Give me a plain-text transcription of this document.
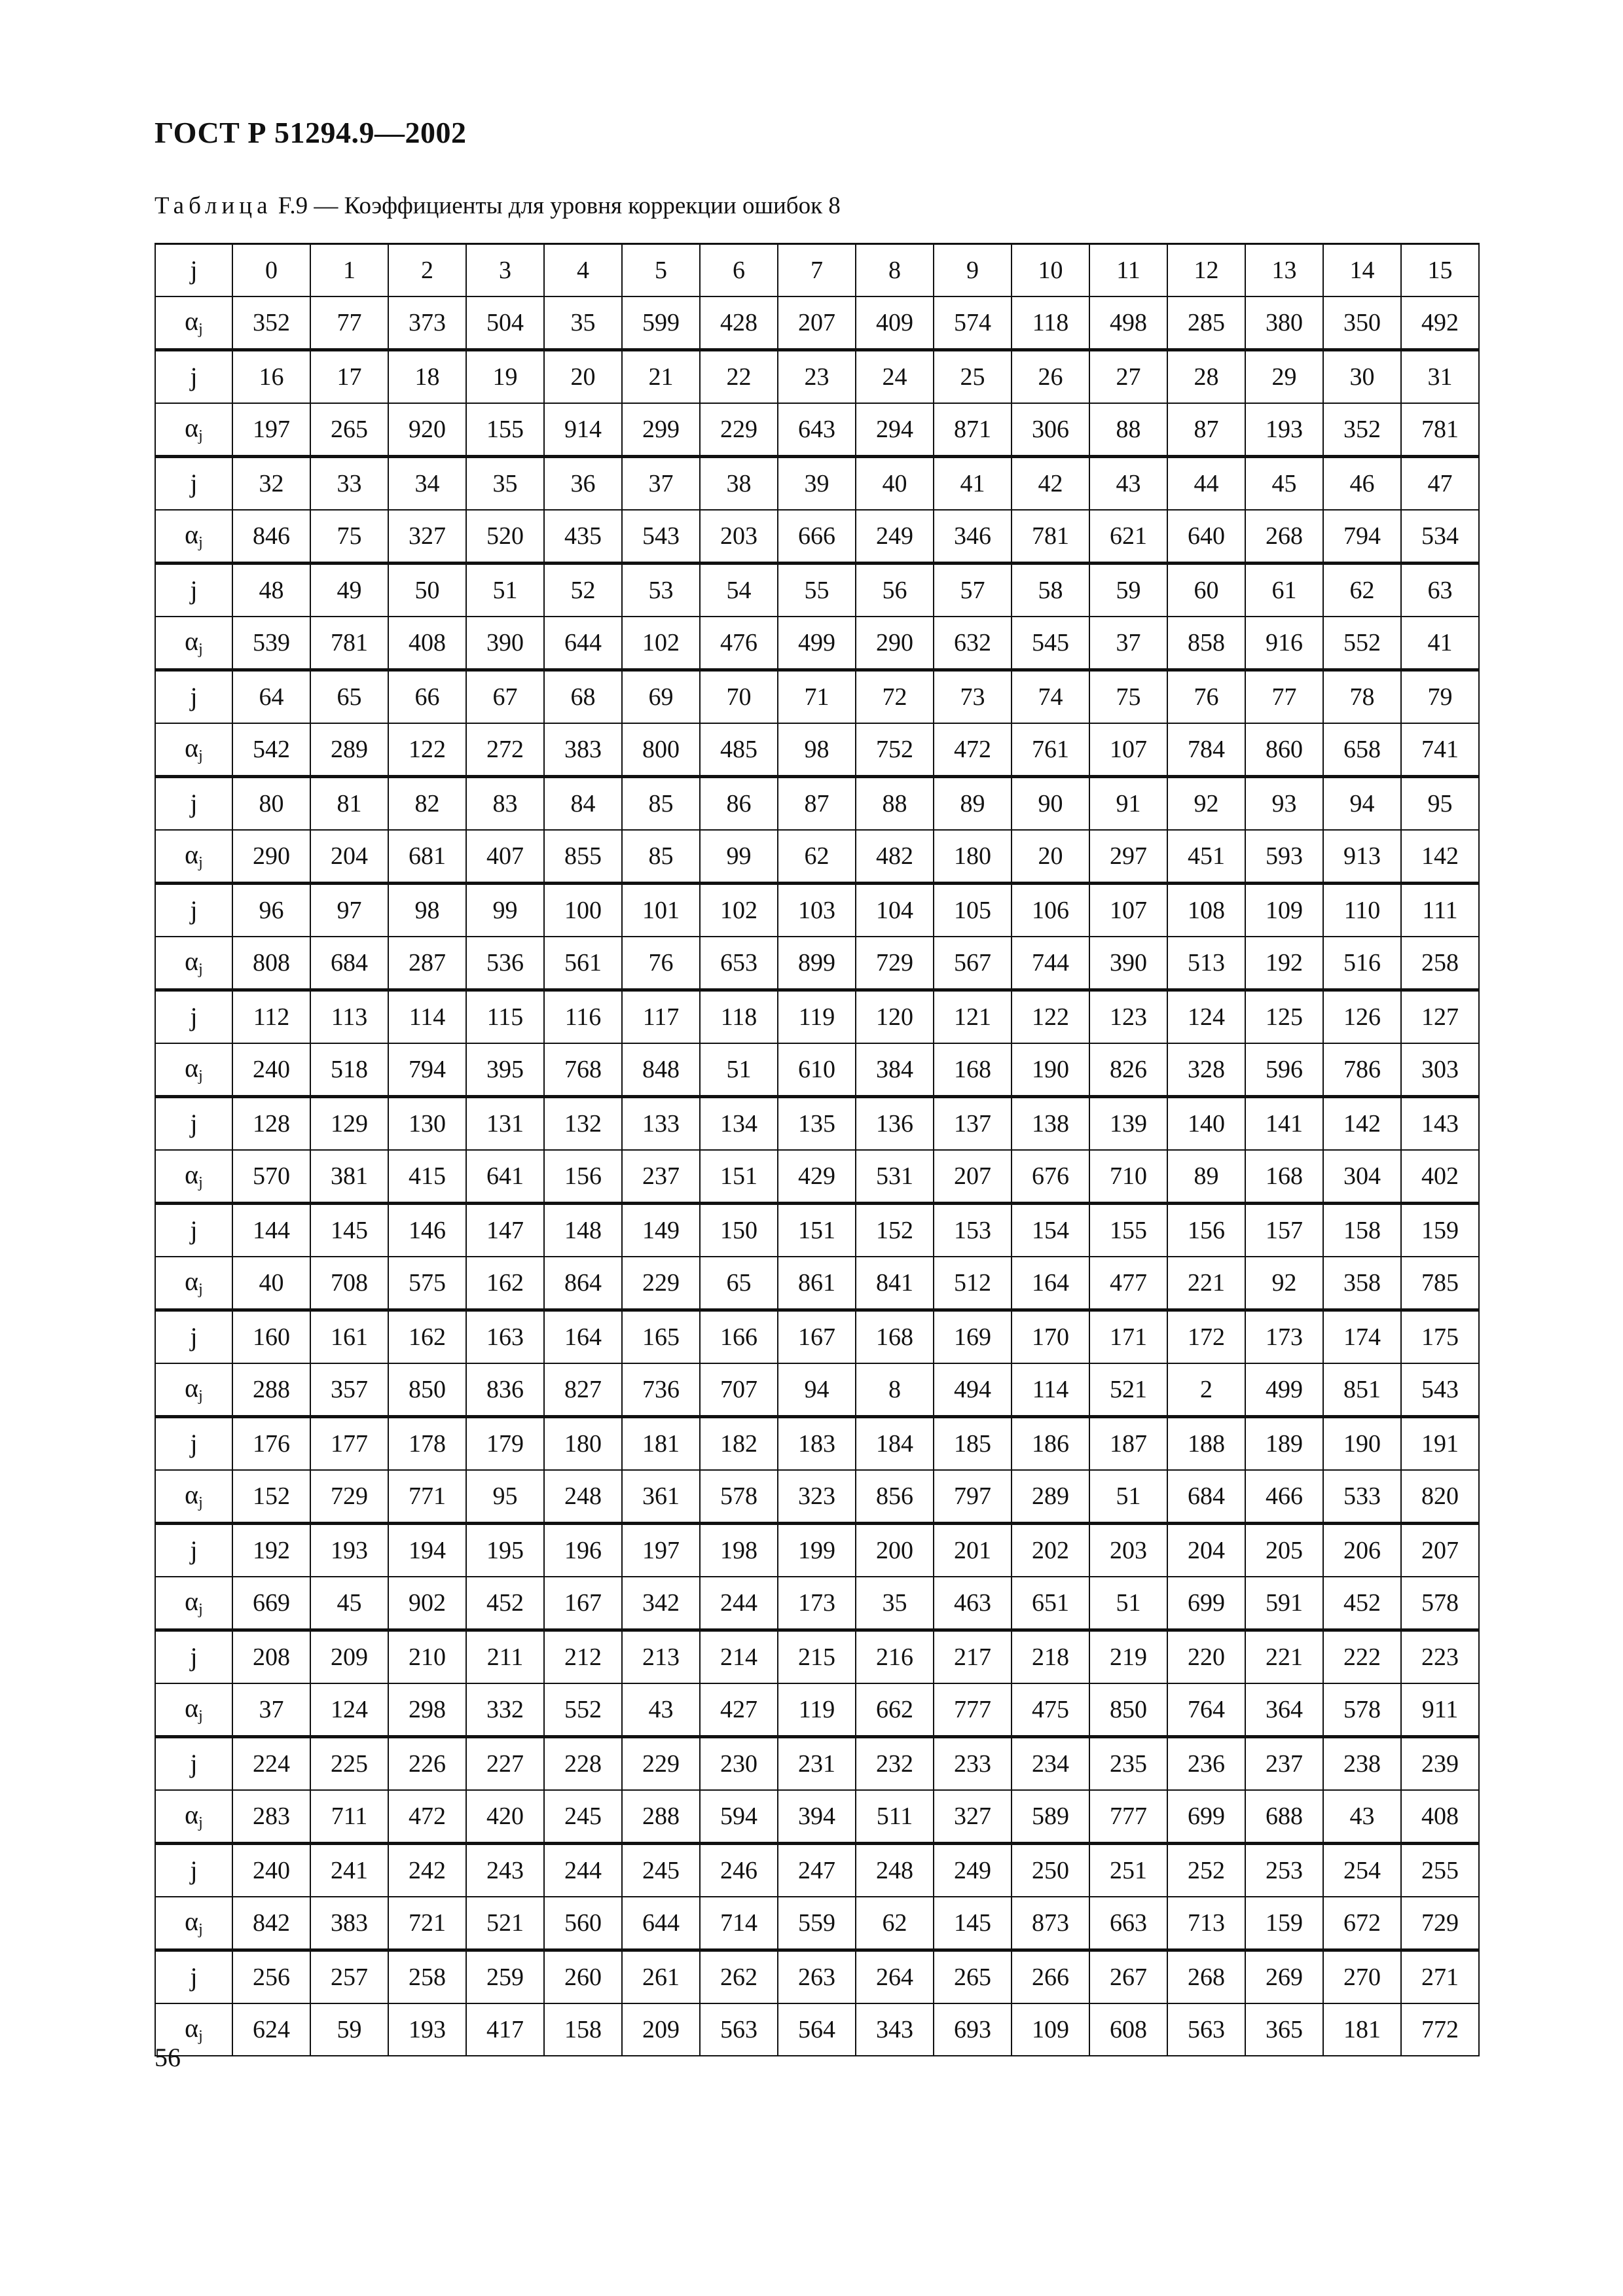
ГОСТ Р 51294.9—2002
Таблица F.9 — Коэффициенты для уровня коррекции ошибок 8
j	0	1	2	3	4	5	6	7	8	9	10	11	12	13	14	15
$\alpha_j$	352	77	373	504	35	599	428	207	409	574	118	498	285	380	350	492
j	16	17	18	19	20	21	22	23	24	25	26	27	28	29	30	31
$\alpha_j$	197	265	920	155	914	299	229	643	294	871	306	88	87	193	352	781
j	32	33	34	35	36	37	38	39	40	41	42	43	44	45	46	47
$\alpha_j$	846	75	327	520	435	543	203	666	249	346	781	621	640	268	794	534
j	48	49	50	51	52	53	54	55	56	57	58	59	60	61	62	63
$\alpha_j$	539	781	408	390	644	102	476	499	290	632	545	37	858	916	552	41
j	64	65	66	67	68	69	70	71	72	73	74	75	76	77	78	79
$\alpha_j$	542	289	122	272	383	800	485	98	752	472	761	107	784	860	658	741
j	80	81	82	83	84	85	86	87	88	89	90	91	92	93	94	95
$\alpha_j$	290	204	681	407	855	85	99	62	482	180	20	297	451	593	913	142
j	96	97	98	99	100	101	102	103	104	105	106	107	108	109	110	111
$\alpha_j$	808	684	287	536	561	76	653	899	729	567	744	390	513	192	516	258
j	112	113	114	115	116	117	118	119	120	121	122	123	124	125	126	127
$\alpha_j$	240	518	794	395	768	848	51	610	384	168	190	826	328	596	786	303
j	128	129	130	131	132	133	134	135	136	137	138	139	140	141	142	143
$\alpha_j$	570	381	415	641	156	237	151	429	531	207	676	710	89	168	304	402
j	144	145	146	147	148	149	150	151	152	153	154	155	156	157	158	159
$\alpha_j$	40	708	575	162	864	229	65	861	841	512	164	477	221	92	358	785
j	160	161	162	163	164	165	166	167	168	169	170	171	172	173	174	175
$\alpha_j$	288	357	850	836	827	736	707	94	8	494	114	521	2	499	851	543
j	176	177	178	179	180	181	182	183	184	185	186	187	188	189	190	191
$\alpha_j$	152	729	771	95	248	361	578	323	856	797	289	51	684	466	533	820
j	192	193	194	195	196	197	198	199	200	201	202	203	204	205	206	207
$\alpha_j$	669	45	902	452	167	342	244	173	35	463	651	51	699	591	452	578
j	208	209	210	211	212	213	214	215	216	217	218	219	220	221	222	223
$\alpha_j$	37	124	298	332	552	43	427	119	662	777	475	850	764	364	578	911
j	224	225	226	227	228	229	230	231	232	233	234	235	236	237	238	239
$\alpha_j$	283	711	472	420	245	288	594	394	511	327	589	777	699	688	43	408
j	240	241	242	243	244	245	246	247	248	249	250	251	252	253	254	255
$\alpha_j$	842	383	721	521	560	644	714	559	62	145	873	663	713	159	672	729
j	256	257	258	259	260	261	262	263	264	265	266	267	268	269	270	271
$\alpha_j$	624	59	193	417	158	209	563	564	343	693	109	608	563	365	181	772
56
